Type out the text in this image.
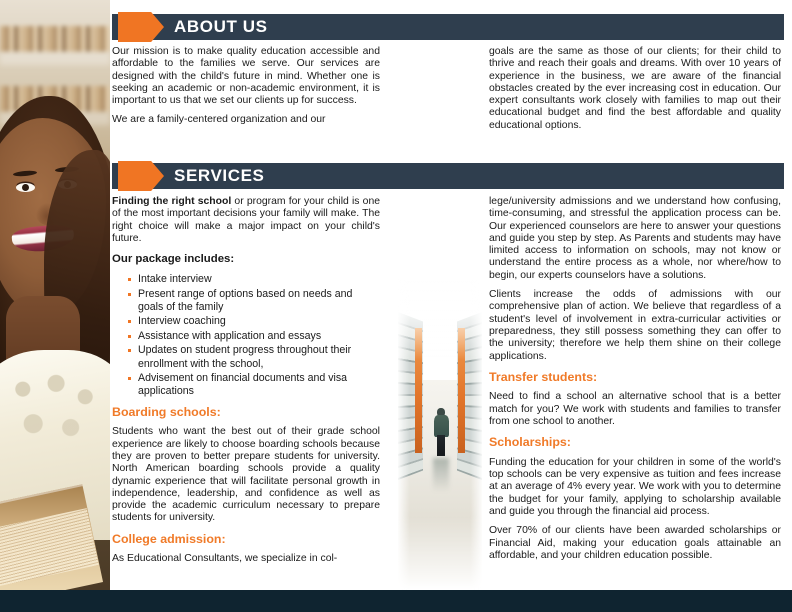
ABOUT US

Our mission is to make quality education accessible and affordable to the families we serve. Our services are designed with the child's future in mind. Whether one is seeking an academic or non-academic environment, it is important to us that we set our clients up for success.

We are a family-centered organization and our

goals are the same as those of our clients; for their child to thrive and reach their goals and dreams. With over 10 years of experience in the business, we are aware of the financial obstacles created by the ever increasing cost in education. Our expert consultants work closely with families to map out their educational budget and find the best affordable and quality educational options.

SERVICES

Finding the right school or program for your child is one of the most important decisions your family will make. The right choice will make a major impact on your child's future.

Our package includes:

Intake interview
Present range of options based on needs and goals of the family
Interview coaching
Assistance with application and essays
Updates on student progress throughout their enrollment with the school,
Advisement on financial documents and visa applications

Boarding schools:

Students who want the best out of their grade school experience are likely to choose boarding schools because they are proven to better prepare students for university. North American boarding schools provide a quality dynamic experience that will facilitate personal growth in independence, leadership, and confidence as well as provide the academic curriculum necessary to prepare students for university.

College admission:

As Educational Consultants, we specialize in col-

lege/university admissions and we understand how confusing, time-consuming, and stressful the application process can be. Our experienced counselors are here to answer your questions and guide you step by step. As Parents and students may have limited access to information on schools, may not know or understand the entire process as a whole, nor where/how to begin, our experts counselors have a solutions.

Clients increase the odds of admissions with our comprehensive plan of action. We believe that regardless of a student's level of involvement in extra-curricular activities or preparedness, they still possess something they can offer to the university; therefore we help them shine on their college applications.

Transfer students:

Need to find a school an alternative school that is a better match for you? We work with students and families to transfer from one school to another.

Scholarships:

Funding the education for your children in some of the world's top schools can be very expensive as tuition and fees increase at an average of 4% every year. We work with you to determine the budget for your family, applying to scholarship available and guide you through the financial aid process.

Over 70% of our clients have been awarded scholarships or Financial Aid, making your education goals attainable an affordable, and your children education possible.
